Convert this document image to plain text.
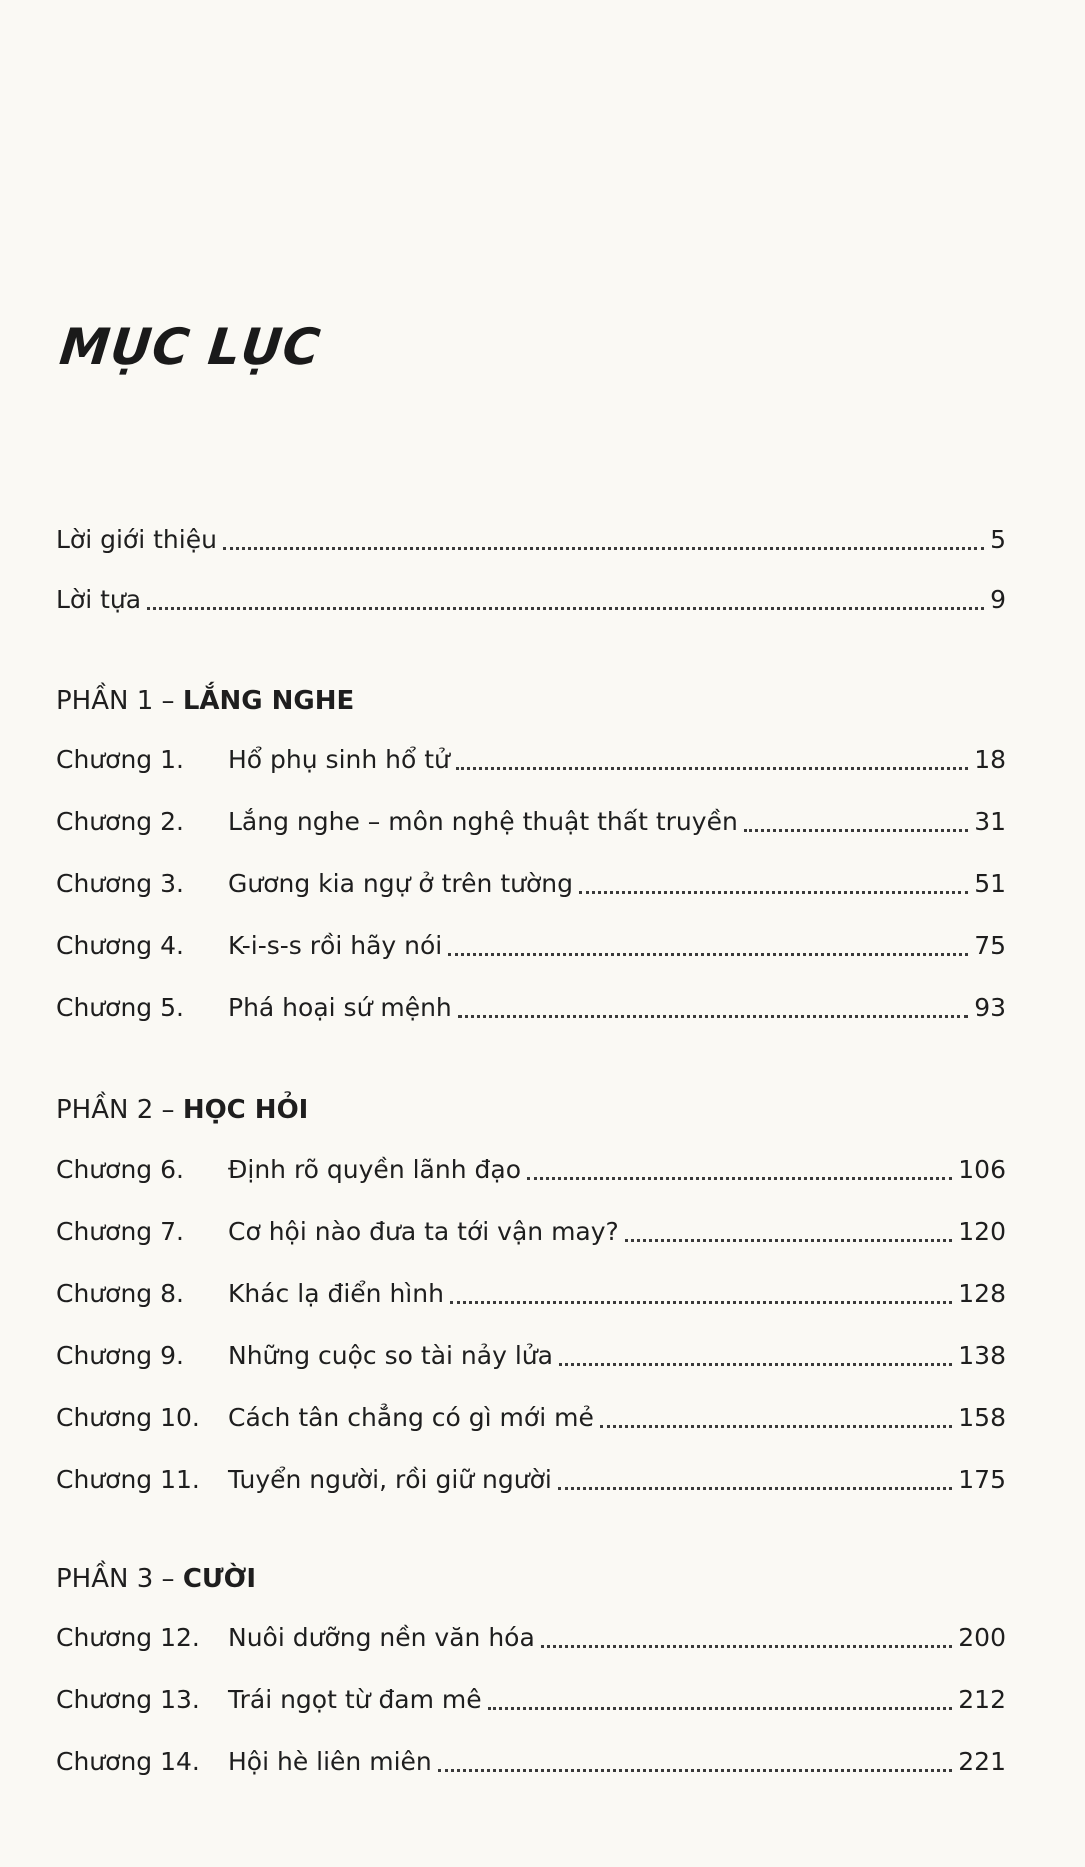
MỤC LỤC
Lời giới thiệu	5
Lời tựa	9
PHẦN 1 – LẮNG NGHE
Chương 1.	Hổ phụ sinh hổ tử	18
Chương 2.	Lắng nghe – môn nghệ thuật thất truyền	31
Chương 3.	Gương kia ngự ở trên tường	51
Chương 4.	K-i-s-s rồi hãy nói	75
Chương 5.	Phá hoại sứ mệnh	93
PHẦN 2 – HỌC HỎI
Chương 6.	Định rõ quyền lãnh đạo	106
Chương 7.	Cơ hội nào đưa ta tới vận may?	120
Chương 8.	Khác lạ điển hình	128
Chương 9.	Những cuộc so tài nảy lửa	138
Chương 10.	Cách tân chẳng có gì mới mẻ	158
Chương 11.	Tuyển người, rồi giữ người	175
PHẦN 3 – CƯỜI
Chương 12.	Nuôi dưỡng nền văn hóa	200
Chương 13.	Trái ngọt từ đam mê	212
Chương 14.	Hội hè liên miên	221
